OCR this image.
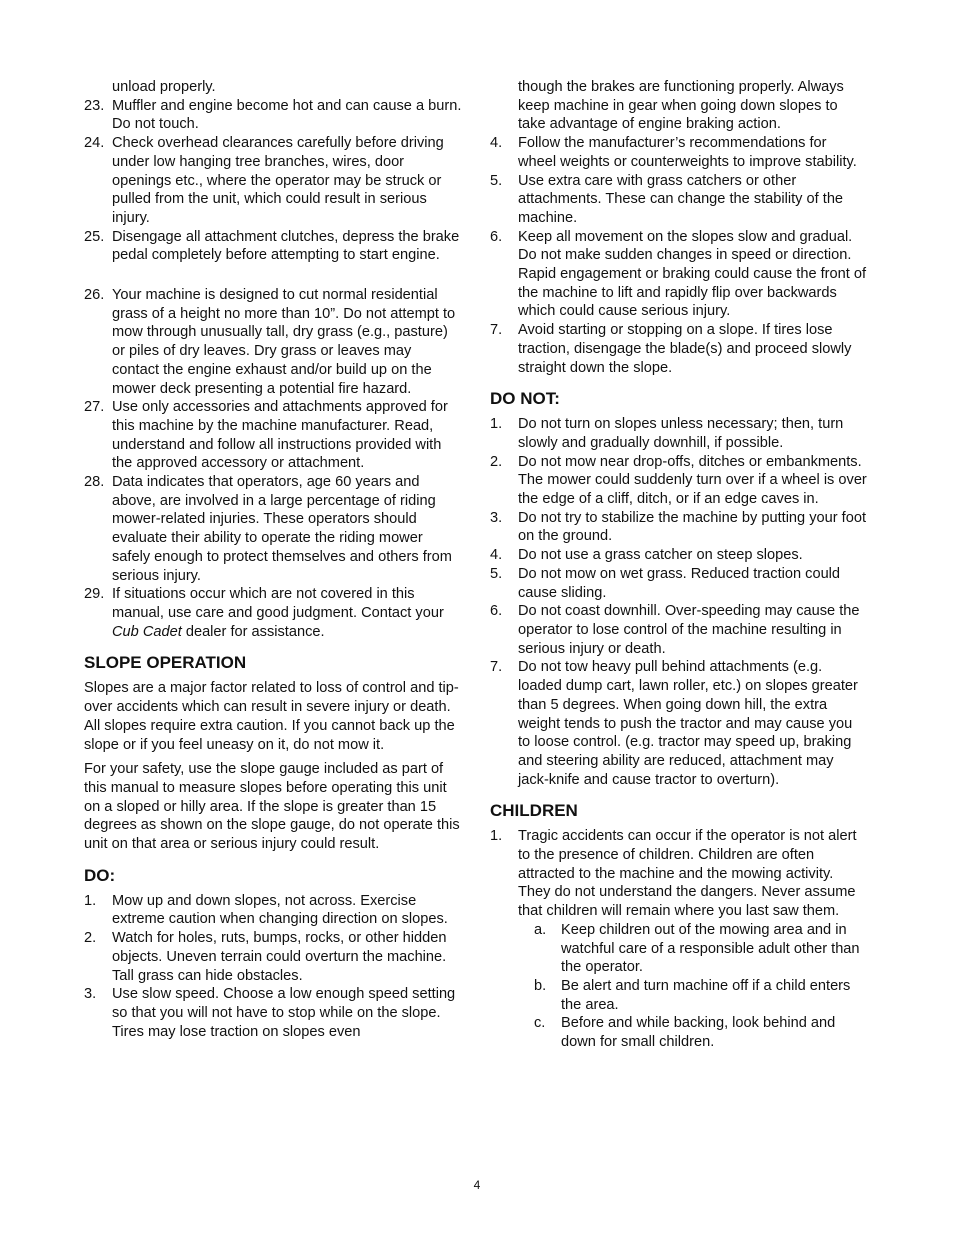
unload properly.
23. Muffler and engine become hot and can cause a burn. Do not touch.
24. Check overhead clearances carefully before driving under low hanging tree branches, wires, door openings etc., where the operator may be struck or pulled from the unit, which could result in serious injury.
25. Disengage all attachment clutches, depress the brake pedal completely before attempting to start engine.
26. Your machine is designed to cut normal residential grass of a height no more than 10”. Do not attempt to mow through unusually tall, dry grass (e.g., pasture) or piles of dry leaves. Dry grass or leaves may contact the engine exhaust and/or build up on the mower deck presenting a potential fire hazard.
27. Use only accessories and attachments approved for this machine by the machine manufacturer. Read, understand and follow all instructions provided with the approved accessory or attachment.
28. Data indicates that operators, age 60 years and above, are involved in a large percentage of riding mower-related injuries. These operators should evaluate their ability to operate the riding mower safely enough to protect themselves and others from serious injury.
29. If situations occur which are not covered in this manual, use care and good judgment. Contact your Cub Cadet dealer for assistance.
SLOPE OPERATION

Slopes are a major factor related to loss of control and tip-over accidents which can result in severe injury or death. All slopes require extra caution. If you cannot back up the slope or if you feel uneasy on it, do not mow it.

For your safety, use the slope gauge included as part of this manual to measure slopes before operating this unit on a sloped or hilly area. If the slope is greater than 15 degrees as shown on the slope gauge, do not operate this unit on that area or serious injury could result.

DO:
1. Mow up and down slopes, not across. Exercise extreme caution when changing direction on slopes.
2. Watch for holes, ruts, bumps, rocks, or other hidden objects. Uneven terrain could overturn the machine. Tall grass can hide obstacles.
3. Use slow speed. Choose a low enough speed setting so that you will not have to stop while on the slope. Tires may lose traction on slopes even
though the brakes are functioning properly. Always keep machine in gear when going down slopes to take advantage of engine braking action.
4. Follow the manufacturer’s recommendations for wheel weights or counterweights to improve stability.
5. Use extra care with grass catchers or other attachments. These can change the stability of the machine.
6. Keep all movement on the slopes slow and gradual. Do not make sudden changes in speed or direction. Rapid engagement or braking could cause the front of the machine to lift and rapidly flip over backwards which could cause serious injury.
7. Avoid starting or stopping on a slope. If tires lose traction, disengage the blade(s) and proceed slowly straight down the slope.
DO NOT:
1. Do not turn on slopes unless necessary; then, turn slowly and gradually downhill, if possible.
2. Do not mow near drop-offs, ditches or embankments. The mower could suddenly turn over if a wheel is over the edge of a cliff, ditch, or if an edge caves in.
3. Do not try to stabilize the machine by putting your foot on the ground.
4. Do not use a grass catcher on steep slopes.
5. Do not mow on wet grass. Reduced traction could cause sliding.
6. Do not coast downhill. Over-speeding may cause the operator to lose control of the machine resulting in serious injury or death.
7. Do not tow heavy pull behind attachments (e.g. loaded dump cart, lawn roller, etc.) on slopes greater than 5 degrees. When going down hill, the extra weight tends to push the tractor and may cause you to loose control. (e.g. tractor may speed up, braking and steering ability are reduced, attachment may jack-knife and cause tractor to overturn).
CHILDREN
1. Tragic accidents can occur if the operator is not alert to the presence of children. Children are often attracted to the machine and the mowing activity. They do not understand the dangers. Never assume that children will remain where you last saw them.
a. Keep children out of the mowing area and in watchful care of a responsible adult other than the operator.
b. Be alert and turn machine off if a child enters the area.
c. Before and while backing, look behind and down for small children.
4
